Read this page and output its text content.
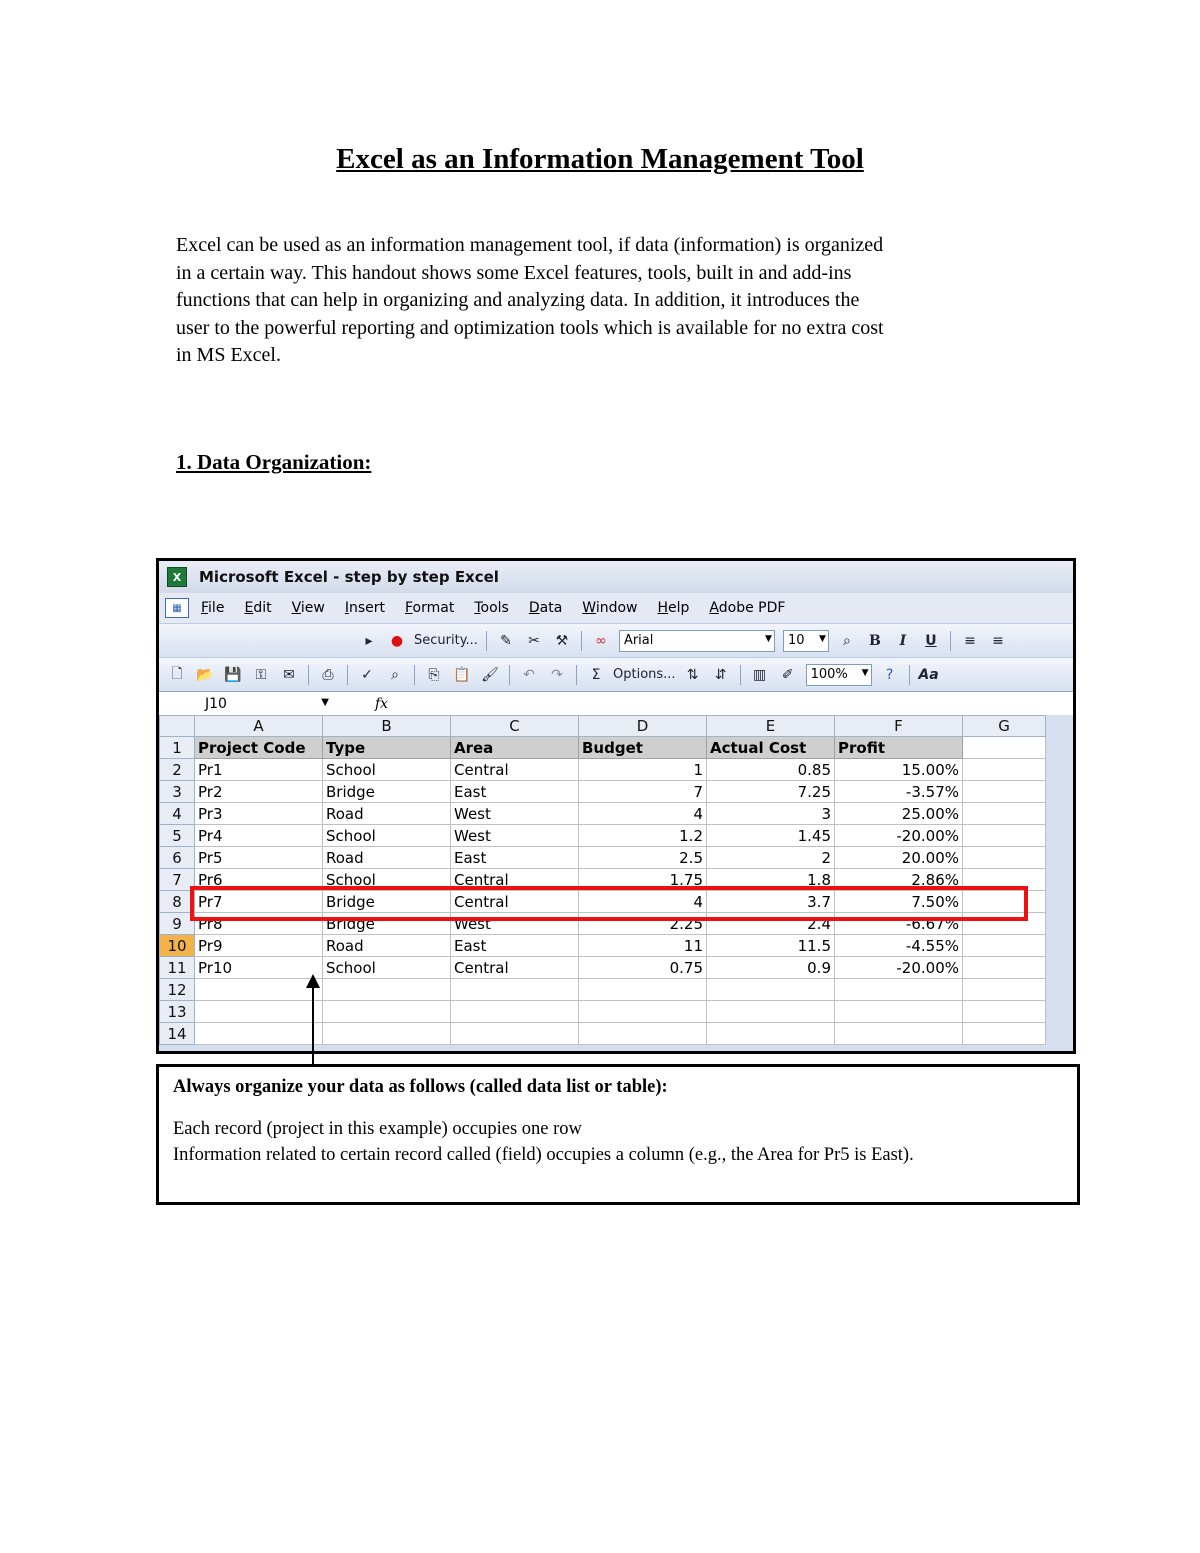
Excel as an Information Management Tool

Excel can be used as an information management tool, if data (information) is organized

in a certain way. This handout shows some Excel features, tools, built in and add-ins

functions that can help in organizing and analyzing data. In addition, it introduces the

user to the powerful reporting and optimization tools which is available for no extra cost

in MS Excel.

1. Data Organization:
X	Microsoft Excel - step by step Excel
▦	File Edit View Insert Format Tools Data Window Help Adobe PDF
▸	● Security...	✎	✂	⚒	∞	Arial	▼ 10 ▼	⌕	B	I	U	≡	≡
🗋 📂 💾 ⚿	✉	⎙	✓	⌕	⎘ 📋 🖌	↶	↷	Σ Options... ⇅	⇵	▥	✐	100% ▼	?	Aa
J10	▼	fx
	A	B	C	D	E	F	G
1	Project Code	Type	Area	Budget	Actual Cost	Profit	
2	Pr1	School	Central	1	0.85	15.00%	
3	Pr2	Bridge	East	7	7.25	-3.57%	
4	Pr3	Road	West	4	3	25.00%	
5	Pr4	School	West	1.2	1.45	-20.00%	
6	Pr5	Road	East	2.5	2	20.00%	
7	Pr6	School	Central	1.75	1.8	2.86%	
8	Pr7	Bridge	Central	4	3.7	7.50%	
9	Pr8	Bridge	West	2.25	2.4	-6.67%	
10	Pr9	Road	East	11	11.5	-4.55%	
11	Pr10	School	Central	0.75	0.9	-20.00%	
12							
13							
14							
Always organize your data as follows (called data list or table):
Each record (project in this example) occupies one row
Information related to certain record called (field) occupies a column (e.g., the Area for Pr5 is East).
